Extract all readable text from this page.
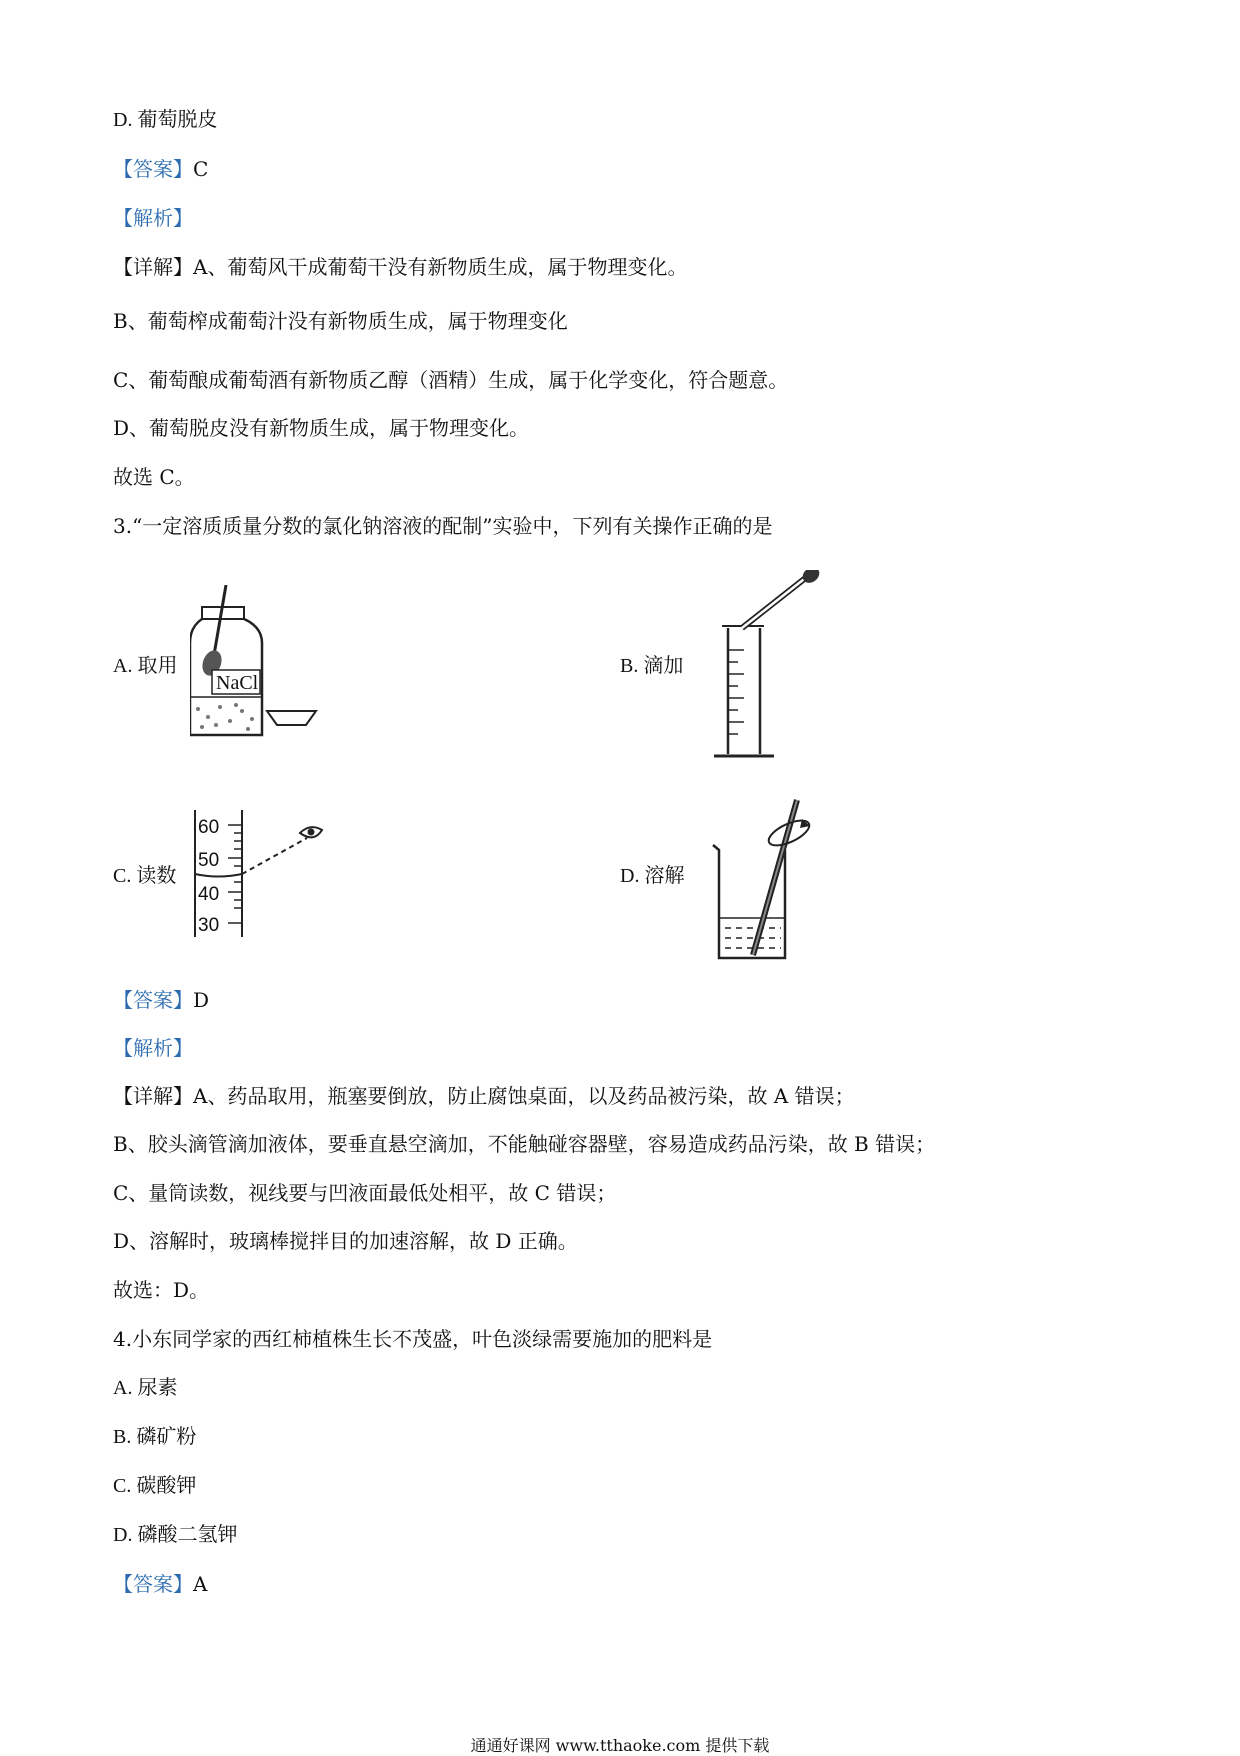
D. 葡萄脱皮
【答案】C
【解析】
【详解】A、葡萄风干成葡萄干没有新物质生成，属于物理变化。
B、葡萄榨成葡萄汁没有新物质生成，属于物理变化
C、葡萄酿成葡萄酒有新物质乙醇（酒精）生成，属于化学变化，符合题意。
D、葡萄脱皮没有新物质生成，属于物理变化。
故选 C。
3.“一定溶质质量分数的氯化钠溶液的配制”实验中，下列有关操作正确的是
A. 取用
NaCl
B. 滴加
C. 读数
60
50
40
30
D. 溶解
【答案】D
【解析】
【详解】A、药品取用，瓶塞要倒放，防止腐蚀桌面，以及药品被污染，故 A 错误；
B、胶头滴管滴加液体，要垂直悬空滴加，不能触碰容器壁，容易造成药品污染，故 B 错误；
C、量筒读数，视线要与凹液面最低处相平，故 C 错误；
D、溶解时，玻璃棒搅拌目的加速溶解，故 D 正确。
故选：D。
4.小东同学家的西红柿植株生长不茂盛，叶色淡绿需要施加的肥料是
A. 尿素
B. 磷矿粉
C. 碳酸钾
D. 磷酸二氢钾
【答案】A
通通好课网 www.tthaoke.com 提供下载
